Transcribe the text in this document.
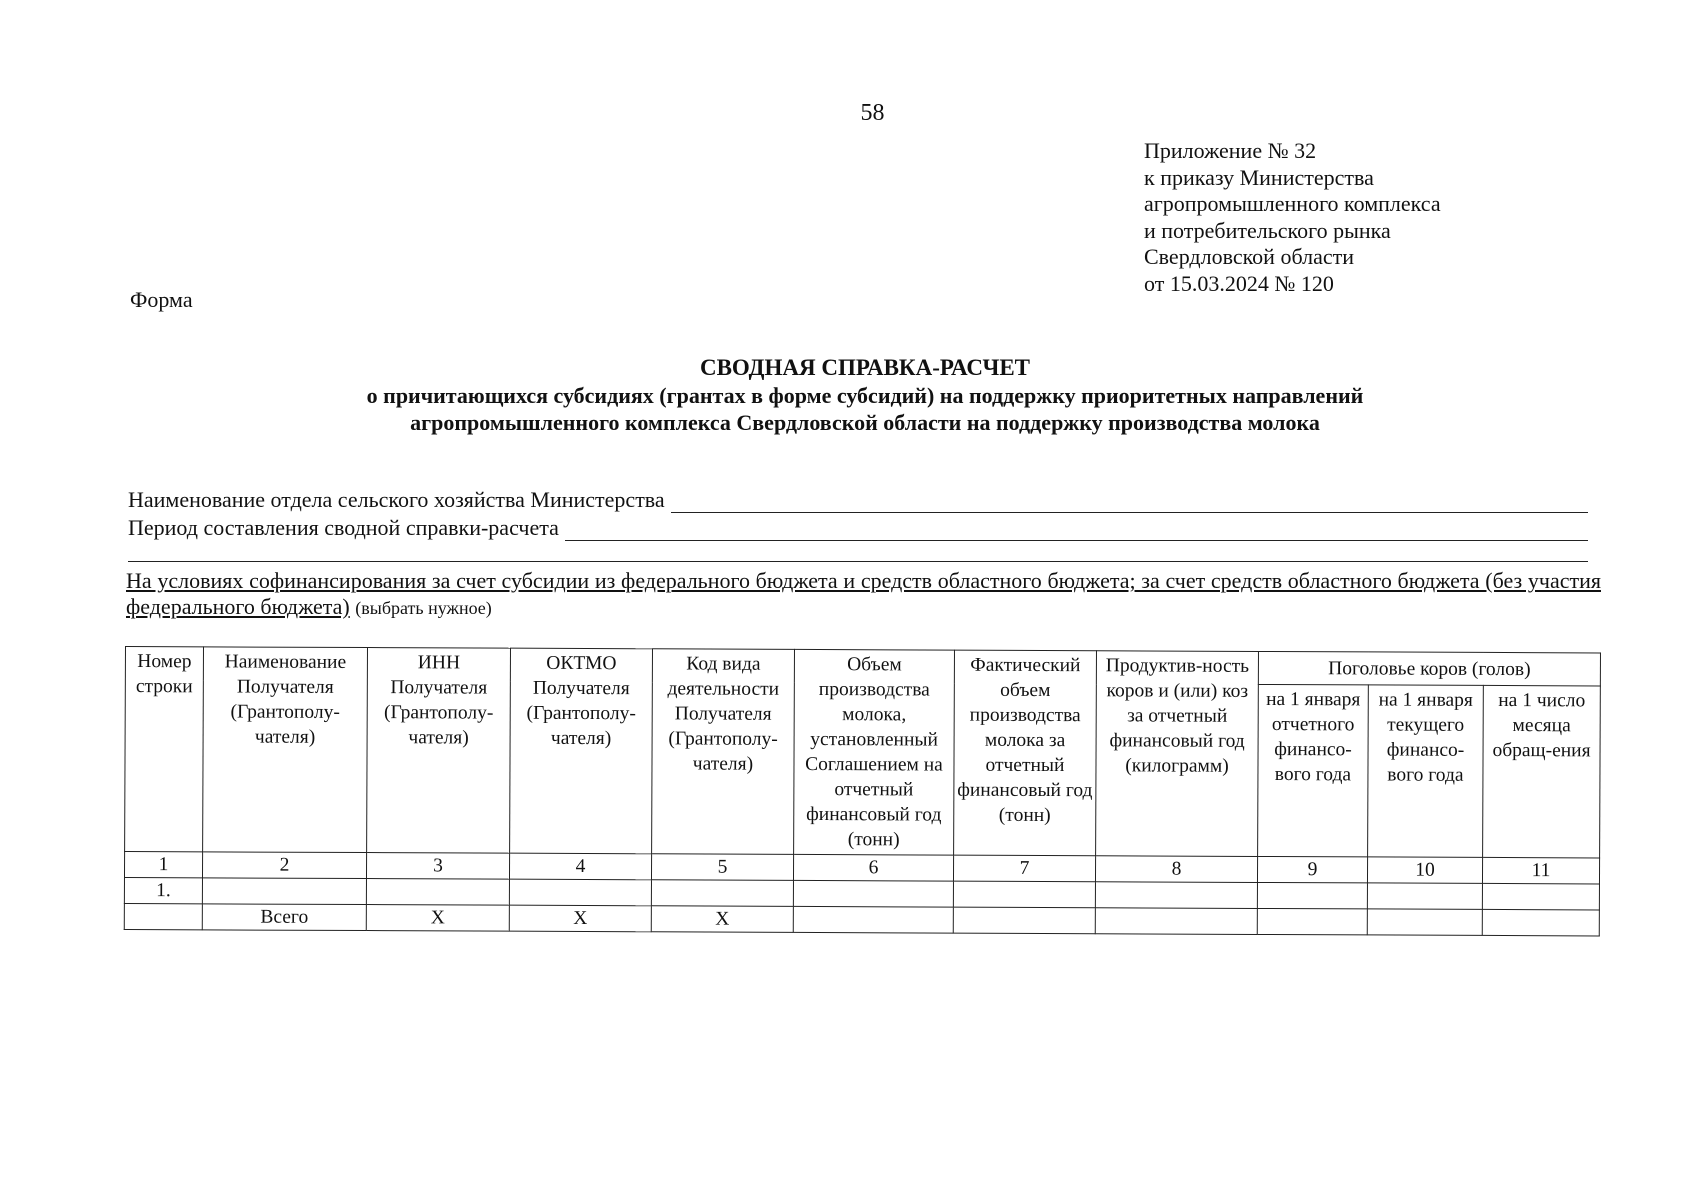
58
Приложение № 32
к приказу Министерства
агропромышленного комплекса
и потребительского рынка
Свердловской области
от 15.03.2024 № 120
Форма
СВОДНАЯ СПРАВКА-РАСЧЕТ
о причитающихся субсидиях (грантах в форме субсидий) на поддержку приоритетных направлений
агропромышленного комплекса Свердловской области на поддержку производства молока
Наименование отдела сельского хозяйства Министерства
Период составления сводной справки-расчета
На условиях софинансирования за счет субсидии из федерального бюджета и средств областного бюджета; за счет средств областного бюджета (без участия федерального бюджета) (выбрать нужное)
Номер строки	Наименование Получателя (Грантополу-чателя)	ИНН Получателя (Грантополу-чателя)	ОКТМО Получателя (Грантополу-чателя)	Код вида деятельности Получателя (Грантополу-чателя)	Объем производства молока, установленный Соглашением на отчетный финансовый год (тонн)	Фактический объем производства молока за отчетный финансовый год (тонн)	Продуктив-ность коров и (или) коз за отчетный финансовый год (килограмм)	Поголовье коров (голов)		
								на 1 января отчетного финансо-вого года	на 1 января текущего финансо-вого года	на 1 число месяца обращ-ения
1	2	3	4	5	6	7	8	9	10	11
1.										
	Всего	Х	Х	Х						
